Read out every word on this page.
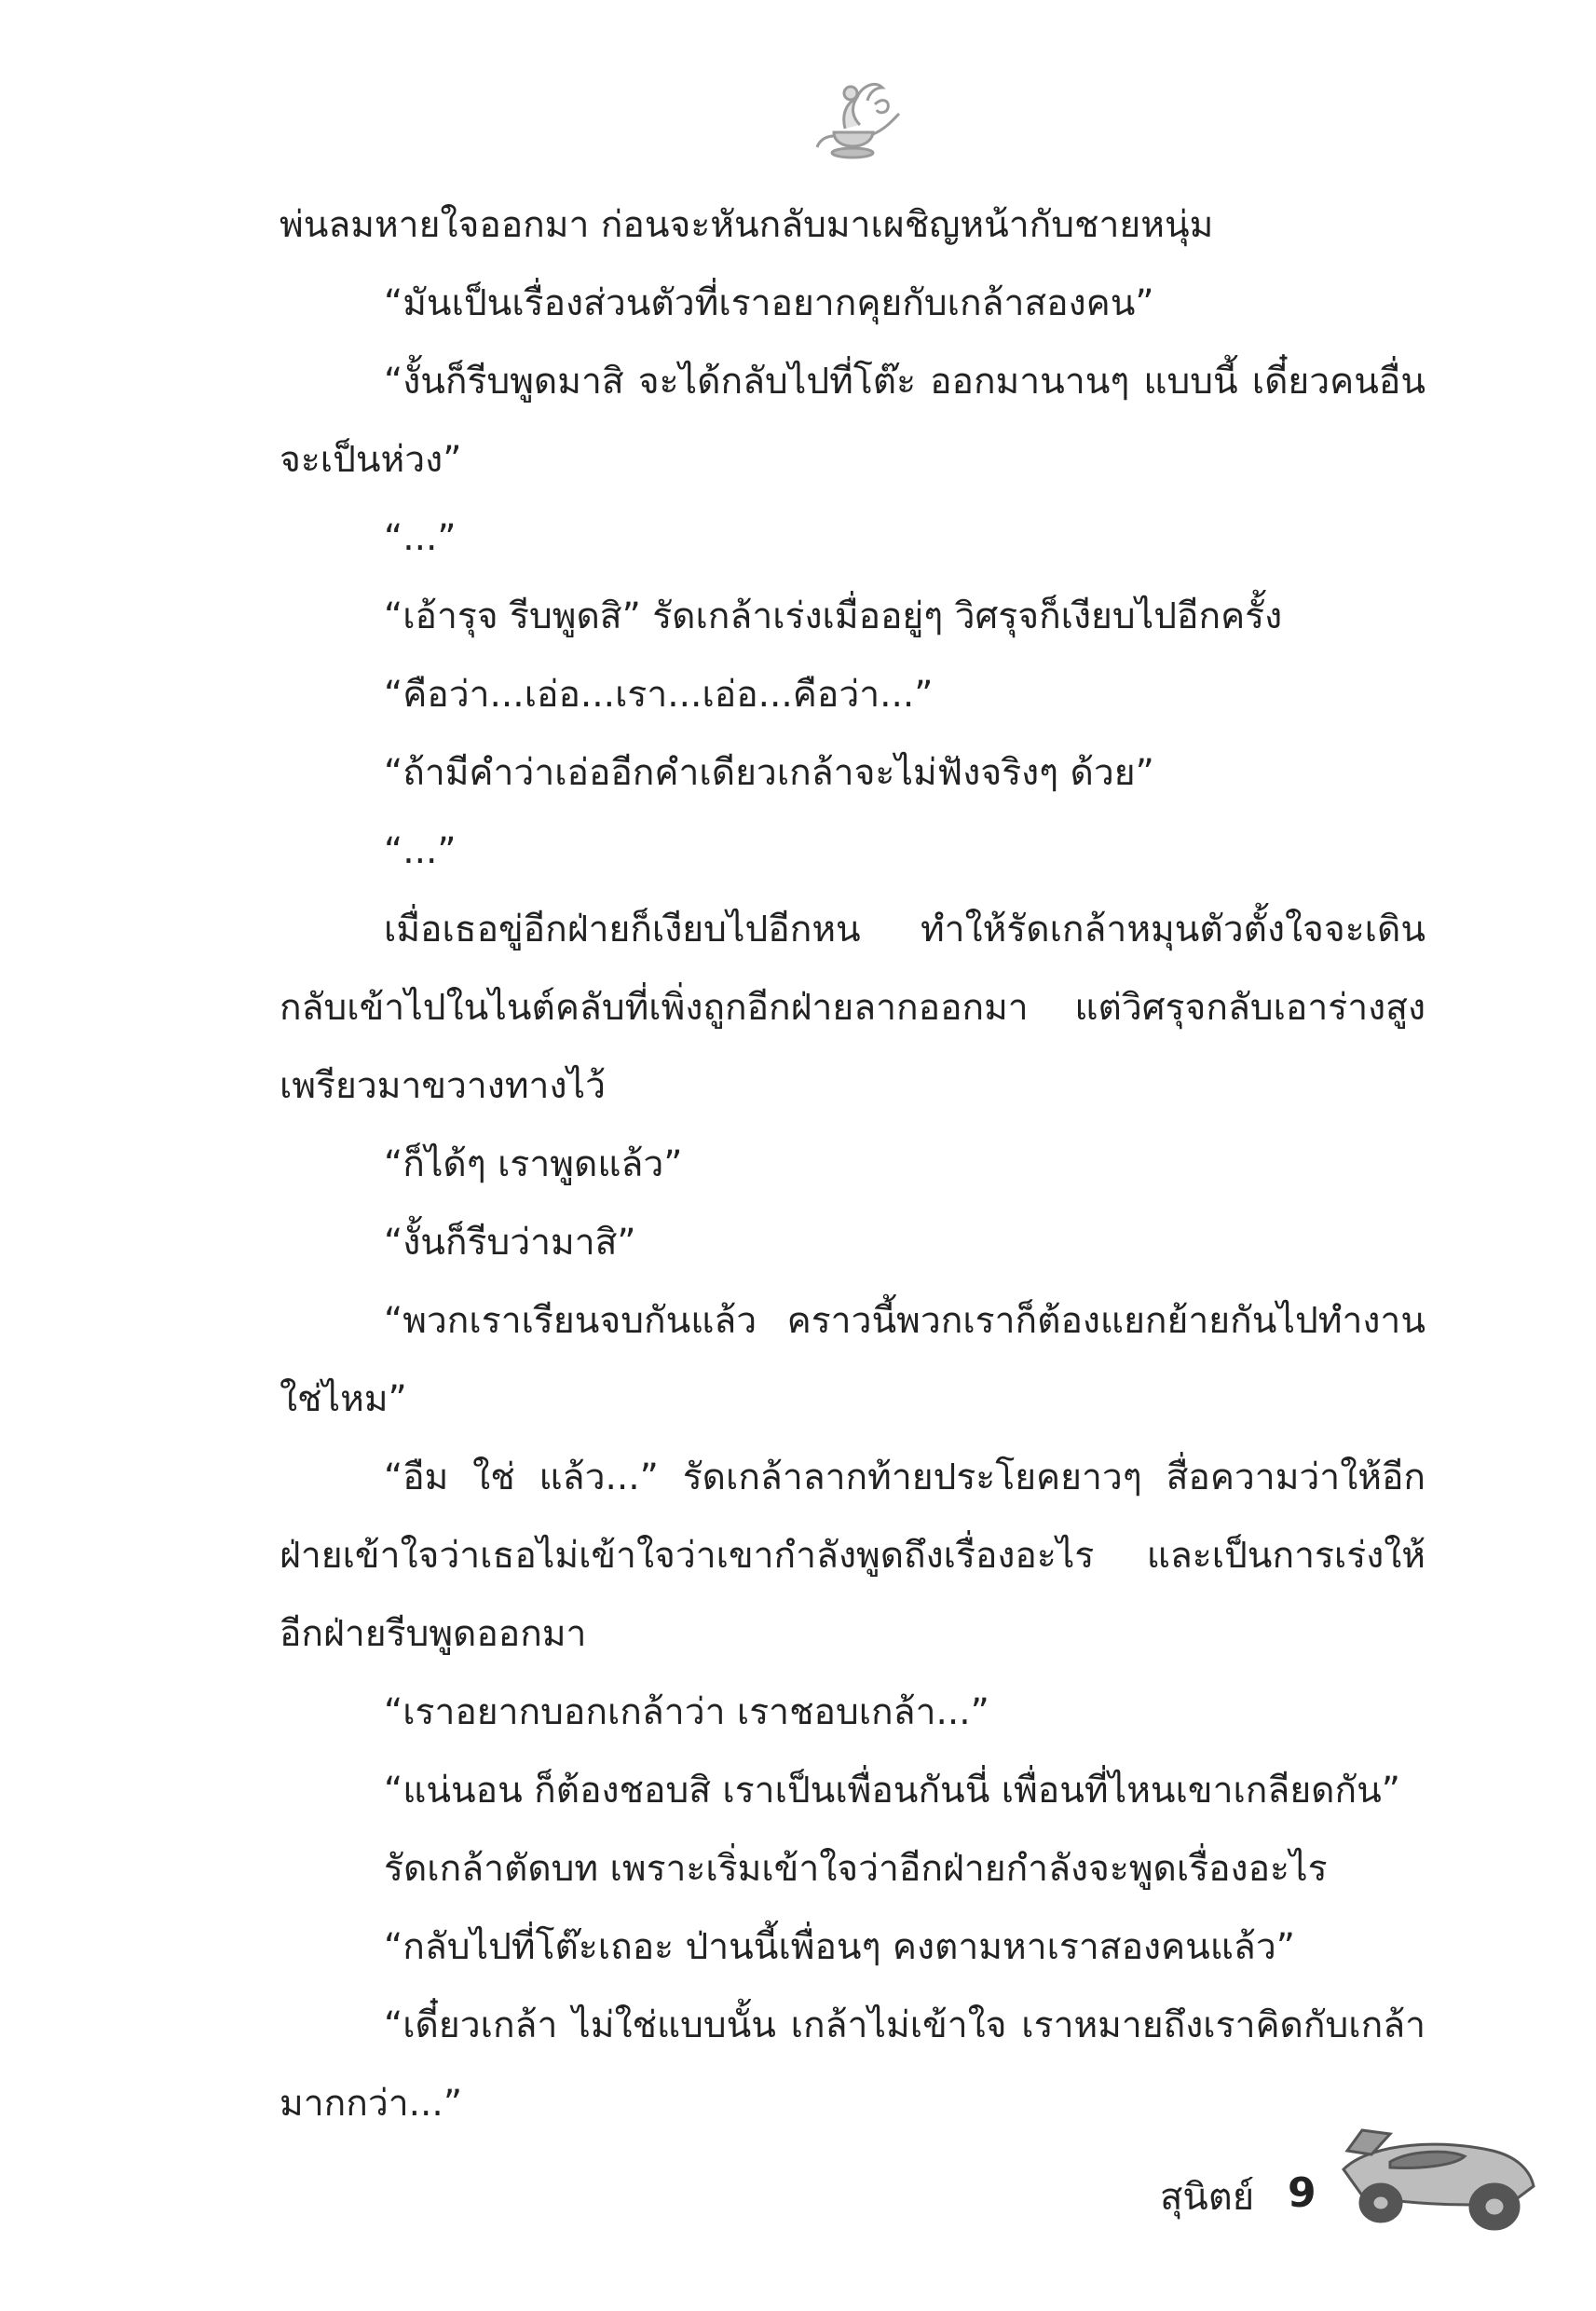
พ่นลมหายใจออกมา ก่อนจะหันกลับมาเผชิญหน้ากับชายหนุ่ม

“มันเป็นเรื่องส่วนตัวที่เราอยากคุยกับเกล้าสองคน”

“งั้นก็รีบพูดมาสิ จะได้กลับไปที่โต๊ะ ออกมานานๆ แบบนี้ เดี๋ยวคนอื่นจะเป็นห่วง”

“...”

“เอ้ารุจ รีบพูดสิ” รัดเกล้าเร่งเมื่ออยู่ๆ วิศรุจก็เงียบไปอีกครั้ง

“คือว่า...เอ่อ...เรา...เอ่อ...คือว่า...”

“ถ้ามีคำว่าเอ่ออีกคำเดียวเกล้าจะไม่ฟังจริงๆ ด้วย”

“...”

เมื่อเธอขู่อีกฝ่ายก็เงียบไปอีกหน ทำให้รัดเกล้าหมุนตัวตั้งใจจะเดินกลับเข้าไปในไนต์คลับที่เพิ่งถูกอีกฝ่ายลากออกมา แต่วิศรุจกลับเอาร่างสูงเพรียวมาขวางทางไว้

“ก็ได้ๆ เราพูดแล้ว”

“งั้นก็รีบว่ามาสิ”

“พวกเราเรียนจบกันแล้ว คราวนี้พวกเราก็ต้องแยกย้ายกันไปทำงานใช่ไหม”

“อืม ใช่ แล้ว...” รัดเกล้าลากท้ายประโยคยาวๆ สื่อความว่าให้อีกฝ่ายเข้าใจว่าเธอไม่เข้าใจว่าเขากำลังพูดถึงเรื่องอะไร และเป็นการเร่งให้อีกฝ่ายรีบพูดออกมา

“เราอยากบอกเกล้าว่า เราชอบเกล้า...”

“แน่นอน ก็ต้องชอบสิ เราเป็นเพื่อนกันนี่ เพื่อนที่ไหนเขาเกลียดกัน”

รัดเกล้าตัดบท เพราะเริ่มเข้าใจว่าอีกฝ่ายกำลังจะพูดเรื่องอะไร

“กลับไปที่โต๊ะเถอะ ป่านนี้เพื่อนๆ คงตามหาเราสองคนแล้ว”

“เดี๋ยวเกล้า ไม่ใช่แบบนั้น เกล้าไม่เข้าใจ เราหมายถึงเราคิดกับเกล้ามากกว่า...”

สุนิตย์ 9
